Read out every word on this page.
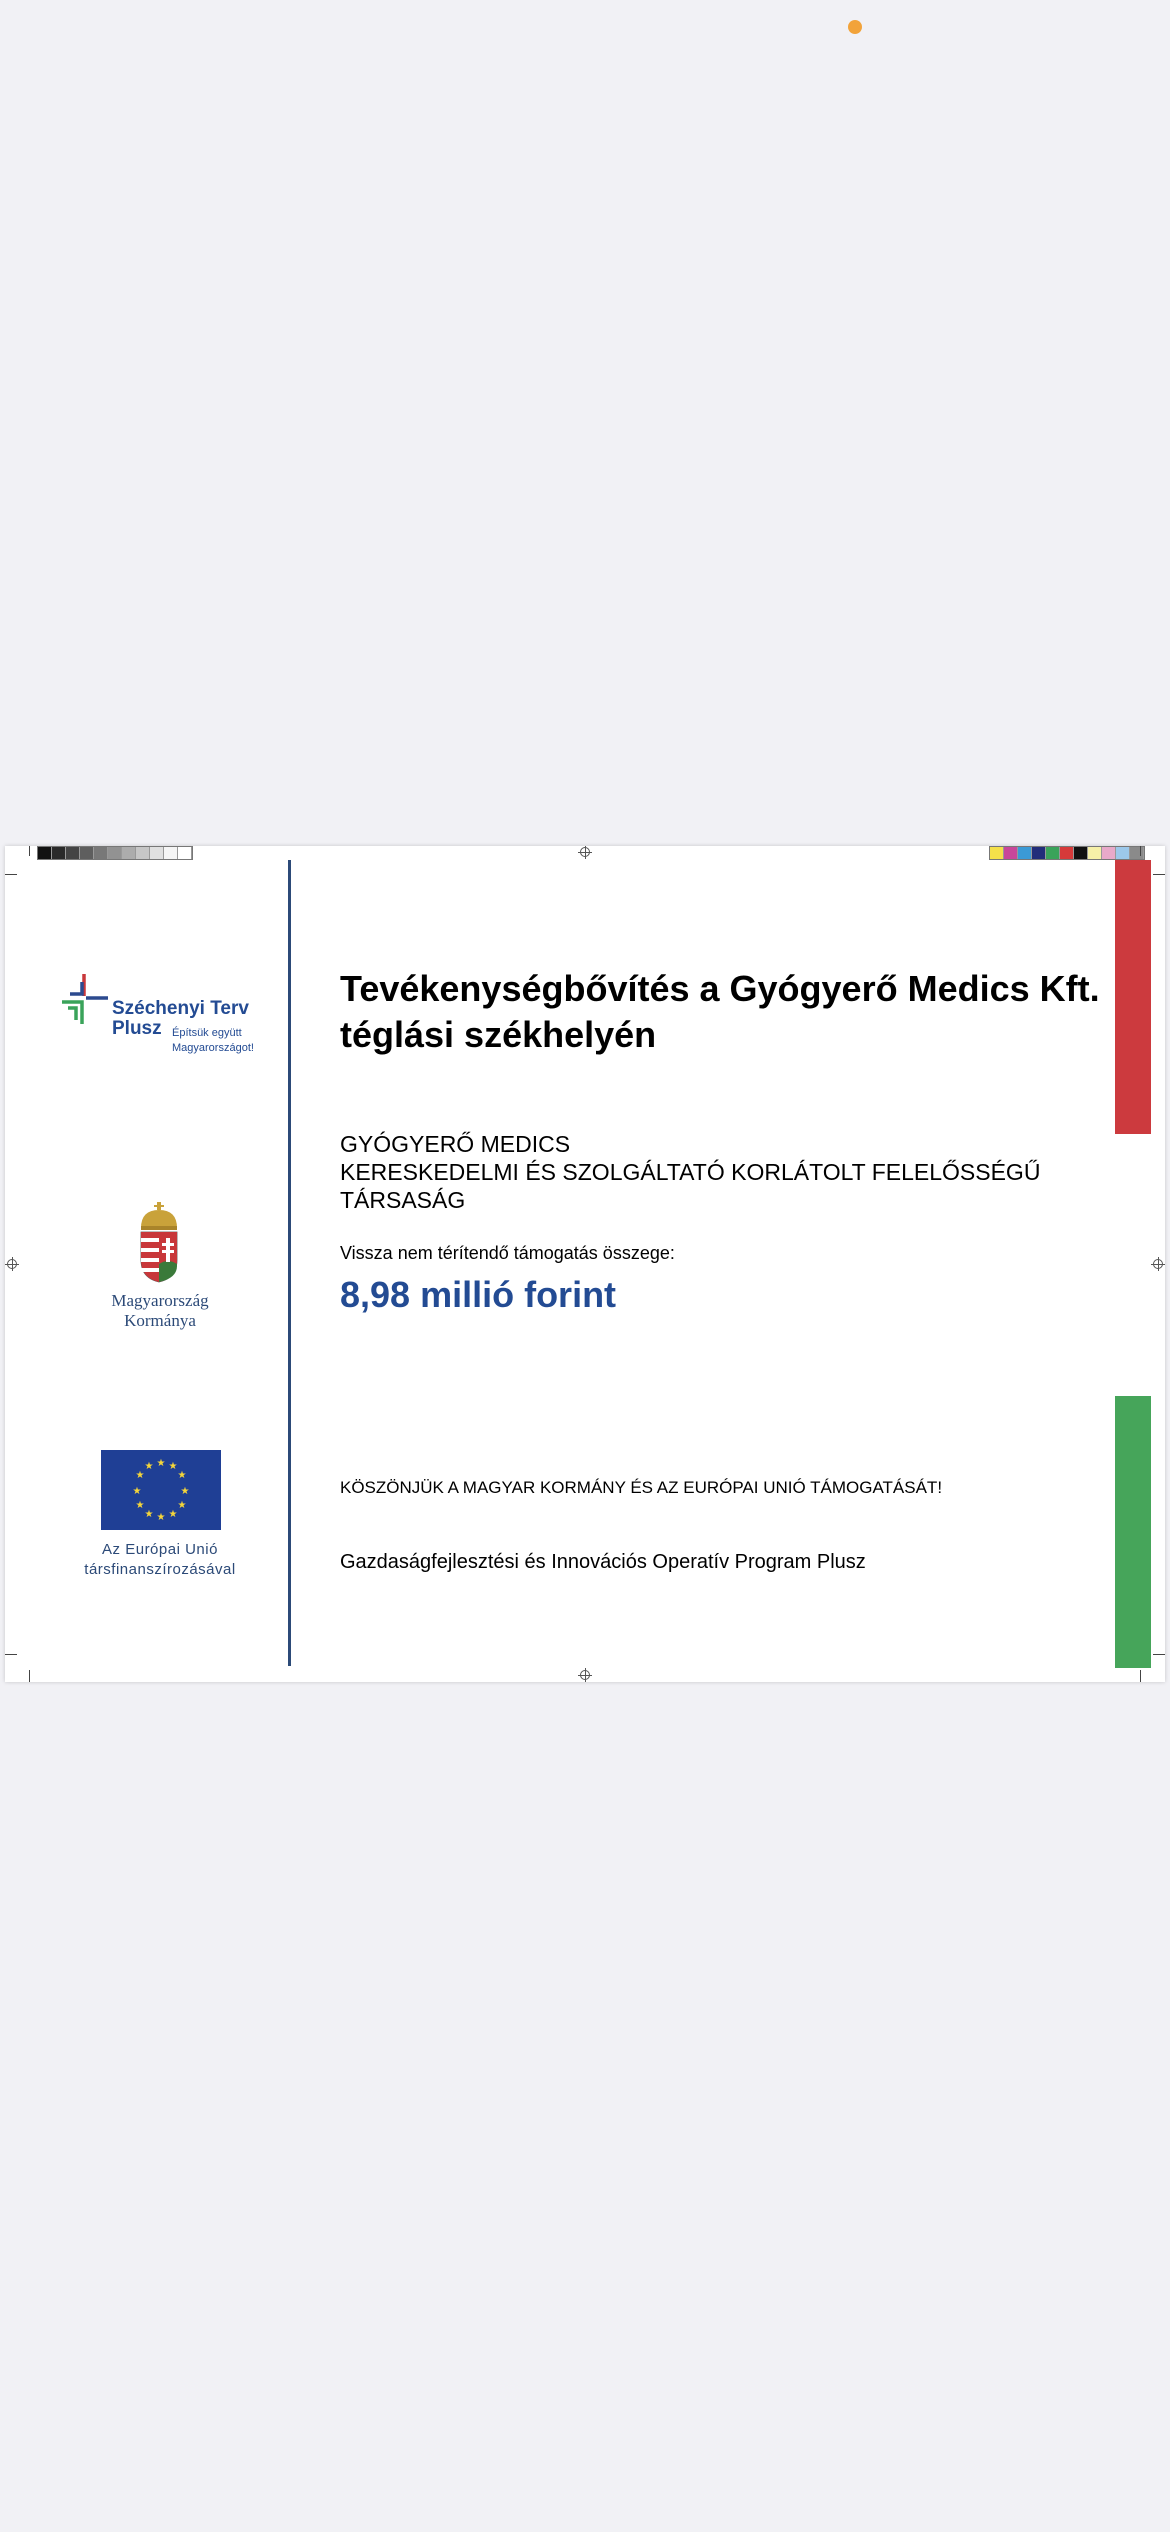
Széchenyi Terv
Plusz Építsük együtt
Magyarországot!
Magyarország
Kormánya
★ ★
★
★
★
★
★
★
★
★
★
★
Az Európai Unió
társfinanszírozásával
Tevékenységbővítés a Gyógyerő Medics Kft. téglási székhelyén
GYÓGYERŐ MEDICS
KERESKEDELMI ÉS SZOLGÁLTATÓ KORLÁTOLT FELELŐSSÉGŰ TÁRSASÁG
Vissza nem térítendő támogatás összege:
8,98 millió forint
KÖSZÖNJÜK A MAGYAR KORMÁNY ÉS AZ EURÓPAI UNIÓ TÁMOGATÁSÁT!
Gazdaságfejlesztési és Innovációs Operatív Program Plusz
